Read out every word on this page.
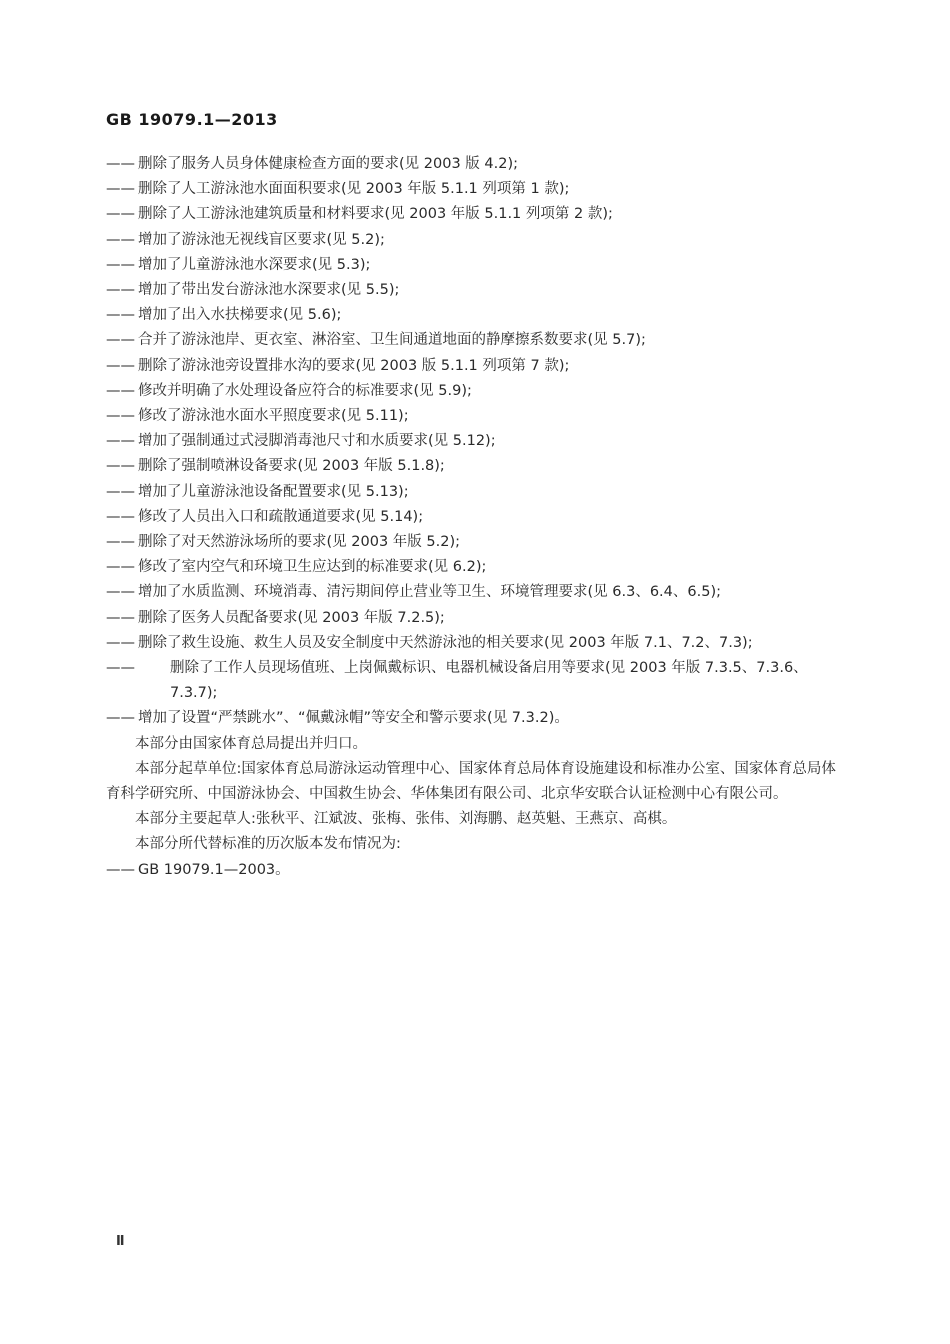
GB 19079.1—2013
—— 删除了服务人员身体健康检查方面的要求(见 2003 版 4.2);
—— 删除了人工游泳池水面面积要求(见 2003 年版 5.1.1 列项第 1 款);
—— 删除了人工游泳池建筑质量和材料要求(见 2003 年版 5.1.1 列项第 2 款);
—— 增加了游泳池无视线盲区要求(见 5.2);
—— 增加了儿童游泳池水深要求(见 5.3);
—— 增加了带出发台游泳池水深要求(见 5.5);
—— 增加了出入水扶梯要求(见 5.6);
—— 合并了游泳池岸、更衣室、淋浴室、卫生间通道地面的静摩擦系数要求(见 5.7);
—— 删除了游泳池旁设置排水沟的要求(见 2003 版 5.1.1 列项第 7 款);
—— 修改并明确了水处理设备应符合的标准要求(见 5.9);
—— 修改了游泳池水面水平照度要求(见 5.11);
—— 增加了强制通过式浸脚消毒池尺寸和水质要求(见 5.12);
—— 删除了强制喷淋设备要求(见 2003 年版 5.1.8);
—— 增加了儿童游泳池设备配置要求(见 5.13);
—— 修改了人员出入口和疏散通道要求(见 5.14);
—— 删除了对天然游泳场所的要求(见 2003 年版 5.2);
—— 修改了室内空气和环境卫生应达到的标准要求(见 6.2);
—— 增加了水质监测、环境消毒、清污期间停止营业等卫生、环境管理要求(见 6.3、6.4、6.5);
—— 删除了医务人员配备要求(见 2003 年版 7.2.5);
—— 删除了救生设施、救生人员及安全制度中天然游泳池的相关要求(见 2003 年版 7.1、7.2、7.3);
—— 删除了工作人员现场值班、上岗佩戴标识、电器机械设备启用等要求(见 2003 年版 7.3.5、7.3.6、7.3.7);
—— 增加了设置“严禁跳水”、“佩戴泳帽”等安全和警示要求(见 7.3.2)。
本部分由国家体育总局提出并归口。
本部分起草单位:国家体育总局游泳运动管理中心、国家体育总局体育设施建设和标准办公室、国家体育总局体育科学研究所、中国游泳协会、中国救生协会、华体集团有限公司、北京华安联合认证检测中心有限公司。
本部分主要起草人:张秋平、江斌波、张梅、张伟、刘海鹏、赵英魁、王燕京、高棋。
本部分所代替标准的历次版本发布情况为:
—— GB 19079.1—2003。
Ⅱ
